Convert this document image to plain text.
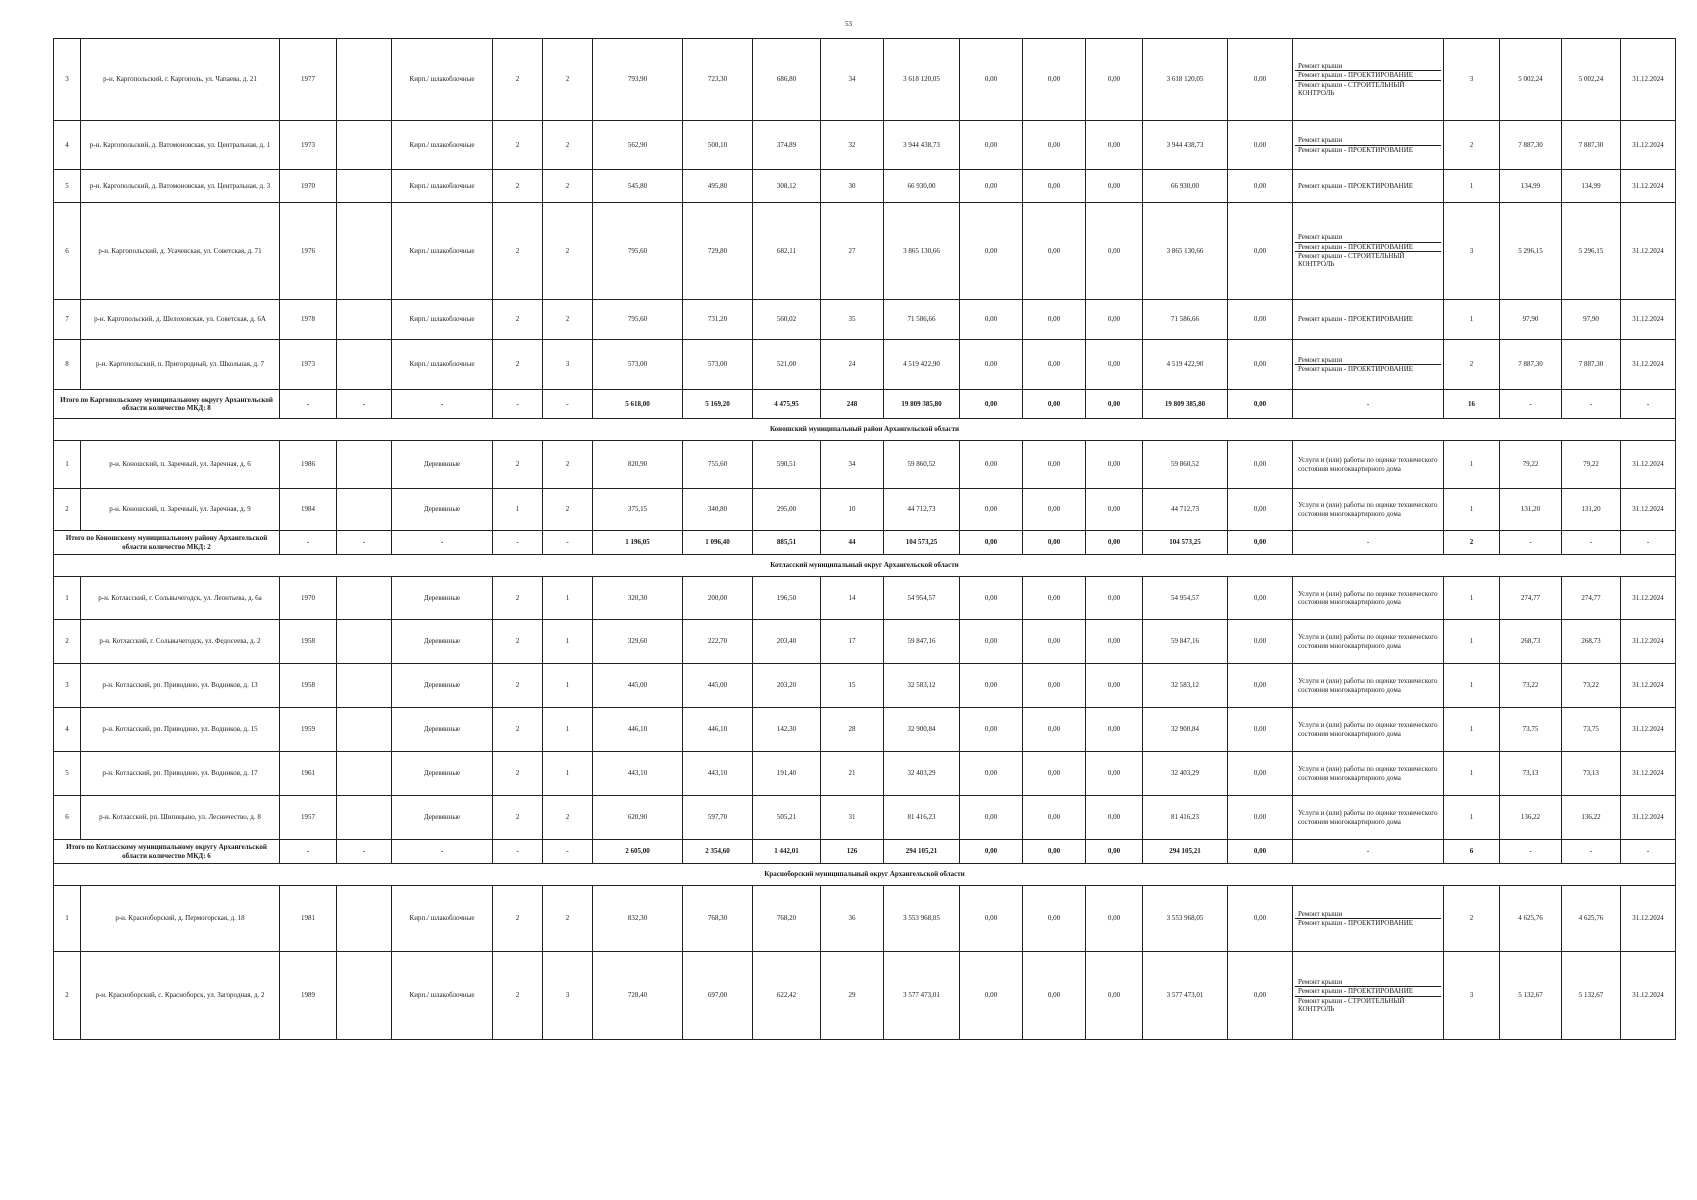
53
3	р-н. Каргопольский, г. Каргополь, ул. Чапаева, д. 21	1977		Кирп./ шлакоблочные	2	2	793,90	723,30	686,80	34	3 618 120,05	0,00	0,00	0,00	3 618 120,05	0,00	Ремонт крыши
Ремонт крыши - ПРОЕКТИРОВАНИЕ
Ремонт крыши - СТРОИТЕЛЬНЫЙ КОНТРОЛЬ	3	5 002,24	5 002,24	31.12.2024
4	р-н. Каргопольский, д. Ватомоновская, ул. Центральная, д. 1	1973		Кирп./ шлакоблочные	2	2	562,90	500,10	374,89	32	3 944 438,73	0,00	0,00	0,00	3 944 438,73	0,00	Ремонт крыши
Ремонт крыши - ПРОЕКТИРОВАНИЕ	2	7 887,30	7 887,30	31.12.2024
5	р-н. Каргопольский, д. Ватомоновская, ул. Центральная, д. 3	1970		Кирп./ шлакоблочные	2	2	545,80	495,80	308,12	30	66 930,00	0,00	0,00	0,00	66 930,00	0,00	Ремонт крыши - ПРОЕКТИРОВАНИЕ	1	134,99	134,99	31.12.2024
6	р-н. Каргопольский, д. Усачевская, ул. Советская, д. 71	1976		Кирп./ шлакоблочные	2	2	795,60	729,80	682,11	27	3 865 130,66	0,00	0,00	0,00	3 865 130,66	0,00	Ремонт крыши
Ремонт крыши - ПРОЕКТИРОВАНИЕ
Ремонт крыши - СТРОИТЕЛЬНЫЙ КОНТРОЛЬ	3	5 296,15	5 296,15	31.12.2024
7	р-н. Каргопольский, д. Шелоховская, ул. Советская, д. 6А	1978		Кирп./ шлакоблочные	2	2	795,60	731,20	560,02	35	71 586,66	0,00	0,00	0,00	71 586,66	0,00	Ремонт крыши - ПРОЕКТИРОВАНИЕ	1	97,90	97,90	31.12.2024
8	р-н. Каргопольский, п. Пригородный, ул. Школьная, д. 7	1973		Кирп./ шлакоблочные	2	3	573,00	573,00	521,00	24	4 519 422,90	0,00	0,00	0,00	4 519 422,90	0,00	Ремонт крыши
Ремонт крыши - ПРОЕКТИРОВАНИЕ	2	7 887,30	7 887,30	31.12.2024
Итого по Каргопольскому муниципальному округу Архангельской области количество МКД: 8		-	-	-	-	-	5 618,00	5 169,20	4 475,95	248	19 809 385,80	0,00	0,00	0,00	19 809 385,80	0,00	-	16	-	-	-
Коношский муниципальный район Архангельской области																					
1	р-н. Коношский, п. Заречный, ул. Заречная, д. 6	1986		Деревянные	2	2	820,90	755,60	590,51	34	59 860,52	0,00	0,00	0,00	59 860,52	0,00	Услуги и (или) работы по оценке технического состояния многоквартирного дома	1	79,22	79,22	31.12.2024
2	р-н. Коношский, п. Заречный, ул. Заречная, д. 9	1984		Деревянные	1	2	375,15	340,80	295,00	10	44 712,73	0,00	0,00	0,00	44 712,73	0,00	Услуги и (или) работы по оценке технического состояния многоквартирного дома	1	131,20	131,20	31.12.2024
Итого по Коношскому муниципальному району Архангельской области количество МКД: 2		-	-	-	-	-	1 196,05	1 096,40	885,51	44	104 573,25	0,00	0,00	0,00	104 573,25	0,00	-	2	-	-	-
Котласский муниципальный округ Архангельской области																					
1	р-н. Котласский, г. Сольвычегодск, ул. Леонтьева, д. 6а	1970		Деревянные	2	1	320,30	200,00	196,50	14	54 954,57	0,00	0,00	0,00	54 954,57	0,00	Услуги и (или) работы по оценке технического состояния многоквартирного дома	1	274,77	274,77	31.12.2024
2	р-н. Котласский, г. Сольвычегодск, ул. Федосеева, д. 2	1958		Деревянные	2	1	329,60	222,70	203,40	17	59 847,16	0,00	0,00	0,00	59 847,16	0,00	Услуги и (или) работы по оценке технического состояния многоквартирного дома	1	268,73	268,73	31.12.2024
3	р-н. Котласский, рп. Приводино, ул. Водников, д. 13	1958		Деревянные	2	1	445,00	445,00	203,20	15	32 583,12	0,00	0,00	0,00	32 583,12	0,00	Услуги и (или) работы по оценке технического состояния многоквартирного дома	1	73,22	73,22	31.12.2024
4	р-н. Котласский, рп. Приводино, ул. Водников, д. 15	1959		Деревянные	2	1	446,10	446,10	142,30	28	32 900,84	0,00	0,00	0,00	32 900,84	0,00	Услуги и (или) работы по оценке технического состояния многоквартирного дома	1	73,75	73,75	31.12.2024
5	р-н. Котласский, рп. Приводино, ул. Водников, д. 17	1961		Деревянные	2	1	443,10	443,10	191,40	21	32 403,29	0,00	0,00	0,00	32 403,29	0,00	Услуги и (или) работы по оценке технического состояния многоквартирного дома	1	73,13	73,13	31.12.2024
6	р-н. Котласский, рп. Шипицыно, ул. Лесничество, д. 8	1957		Деревянные	2	2	620,90	597,70	505,21	31	81 416,23	0,00	0,00	0,00	81 416,23	0,00	Услуги и (или) работы по оценке технического состояния многоквартирного дома	1	136,22	136,22	31.12.2024
Итого по Котласскому муниципальному округу Архангельской области количество МКД: 6		-	-	-	-	-	2 605,00	2 354,60	1 442,01	126	294 105,21	0,00	0,00	0,00	294 105,21	0,00	-	6	-	-	-
Красноборский муниципальный округ Архангельской области																					
1	р-н. Красноборский, д. Пермогорская, д. 18	1981		Кирп./ шлакоблочные	2	2	832,30	768,30	768,20	36	3 553 968,05	0,00	0,00	0,00	3 553 968,05	0,00	Ремонт крыши
Ремонт крыши - ПРОЕКТИРОВАНИЕ	2	4 625,76	4 625,76	31.12.2024
2	р-н. Красноборский, с. Красноборск, ул. Загородная, д. 2	1989		Кирп./ шлакоблочные	2	3	728,40	697,00	622,42	29	3 577 473,01	0,00	0,00	0,00	3 577 473,01	0,00	Ремонт крыши
Ремонт крыши - ПРОЕКТИРОВАНИЕ
Ремонт крыши - СТРОИТЕЛЬНЫЙ КОНТРОЛЬ	3	5 132,67	5 132,67	31.12.2024
